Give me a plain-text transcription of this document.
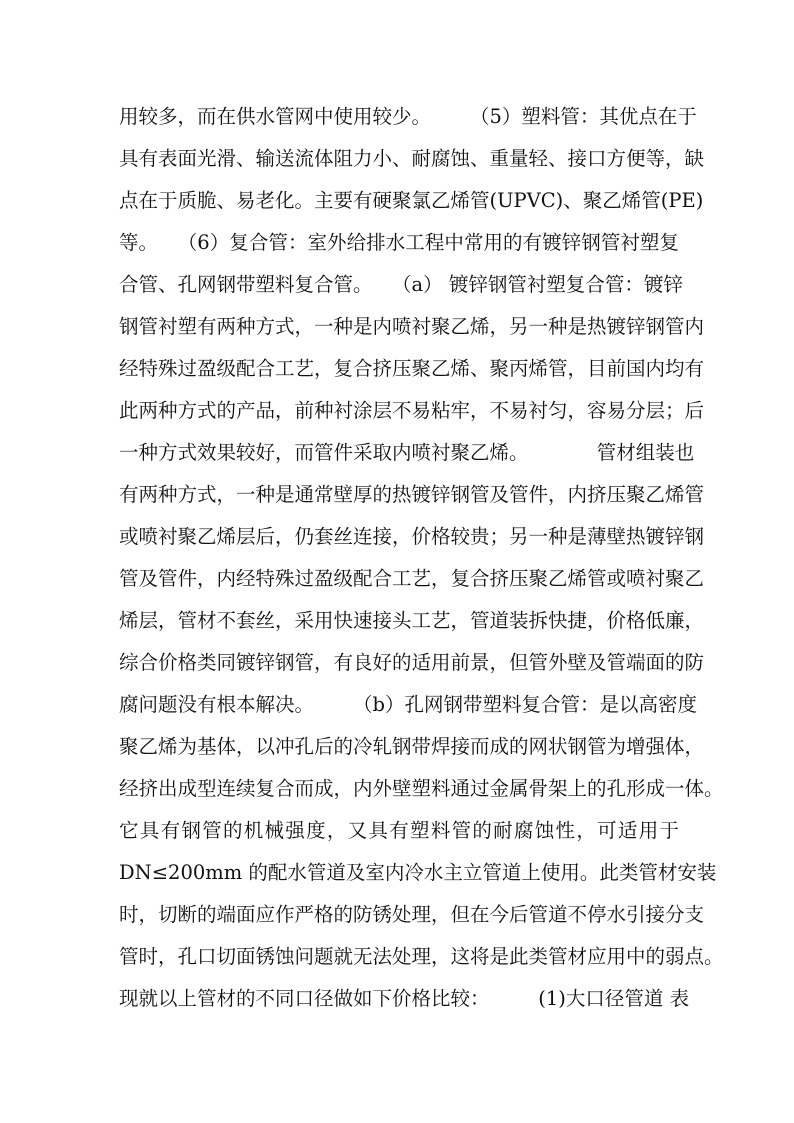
用较多，而在供水管网中使用较少。　　　（5）塑料管：其优点在于
具有表面光滑、输送流体阻力小、耐腐蚀、重量轻、接口方便等，缺
点在于质脆、易老化。主要有硬聚氯乙烯管(UPVC)、聚乙烯管(PE)
等。　　（6）复合管：室外给排水工程中常用的有镀锌钢管衬塑复
合管、孔网钢带塑料复合管。　　（a） 镀锌钢管衬塑复合管：镀锌
钢管衬塑有两种方式，一种是内喷衬聚乙烯，另一种是热镀锌钢管内
经特殊过盈级配合工艺，复合挤压聚乙烯、聚丙烯管，目前国内均有
此两种方式的产品，前种衬涂层不易粘牢，不易衬匀，容易分层；后
一种方式效果较好，而管件采取内喷衬聚乙烯。　　　　管材组装也
有两种方式，一种是通常壁厚的热镀锌钢管及管件，内挤压聚乙烯管
或喷衬聚乙烯层后，仍套丝连接，价格较贵；另一种是薄壁热镀锌钢
管及管件，内经特殊过盈级配合工艺，复合挤压聚乙烯管或喷衬聚乙
烯层，管材不套丝，采用快速接头工艺，管道装拆快捷，价格低廉，
综合价格类同镀锌钢管，有良好的适用前景，但管外壁及管端面的防
腐问题没有根本解决。　　　（b）孔网钢带塑料复合管：是以高密度
聚乙烯为基体，以冲孔后的冷轧钢带焊接而成的网状钢管为增强体，
经挤出成型连续复合而成，内外壁塑料通过金属骨架上的孔形成一体。
它具有钢管的机械强度，又具有塑料管的耐腐蚀性，可适用于
DN≤200mm 的配水管道及室内冷水主立管道上使用。此类管材安装
时，切断的端面应作严格的防锈处理，但在今后管道不停水引接分支
管时，孔口切面锈蚀问题就无法处理，这将是此类管材应用中的弱点。
现就以上管材的不同口径做如下价格比较：　　　(1)大口径管道 表
